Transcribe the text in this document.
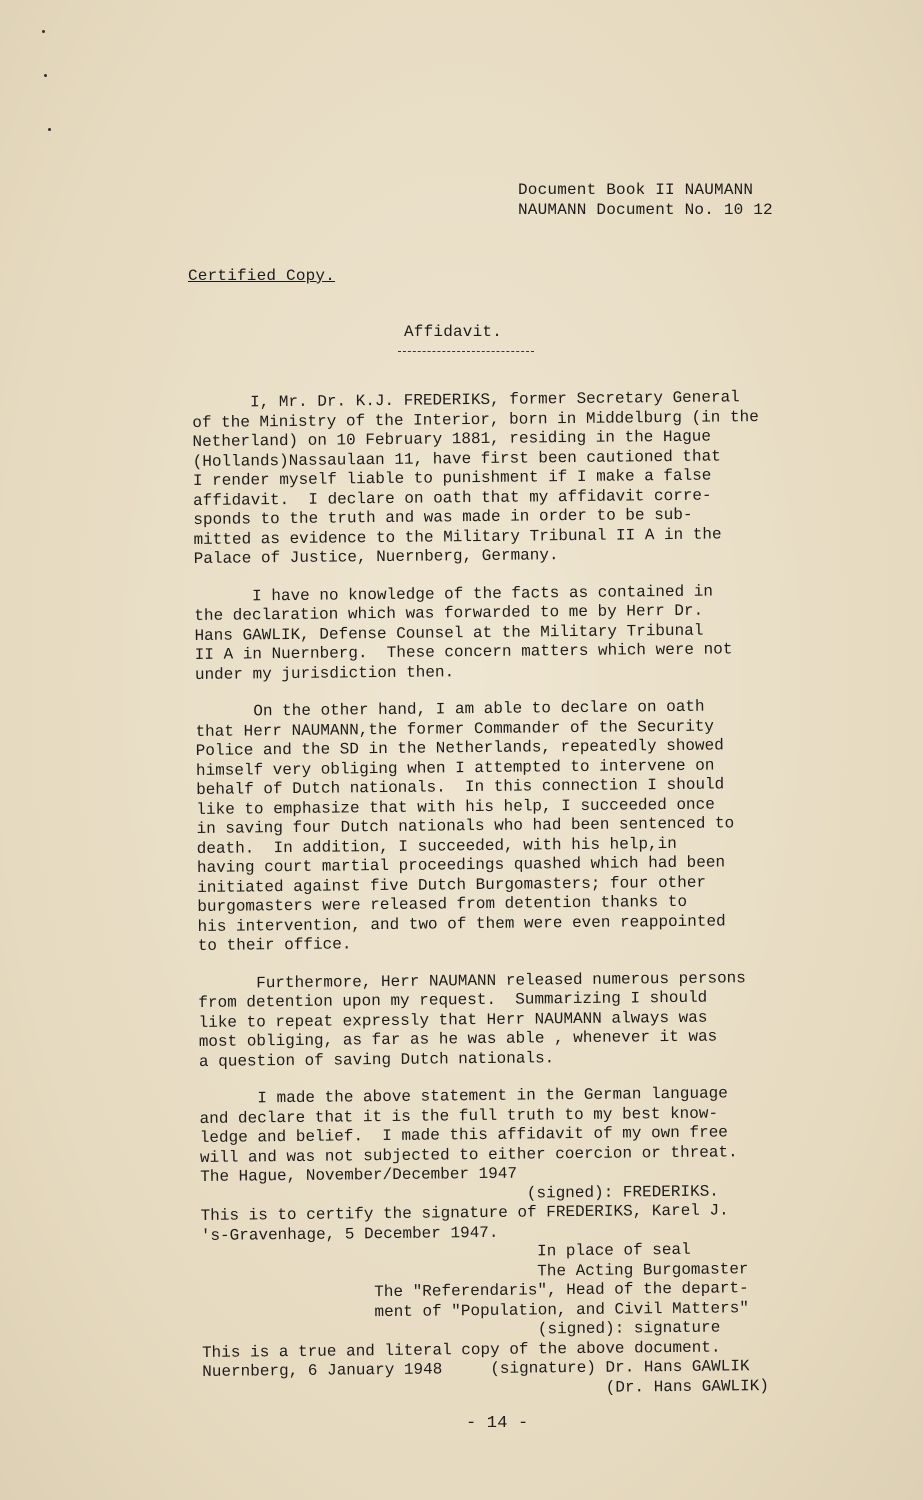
Document Book II NAUMANN
NAUMANN Document No. 10 12
Certified Copy.
Affidavit.
I, Mr. Dr. K.J. FREDERIKS, former Secretary General
of the Ministry of the Interior, born in Middelburg (in the
Netherland) on 10 February 1881, residing in the Hague
(Hollands)Nassaulaan 11, have first been cautioned that
I render myself liable to punishment if I make a false
affidavit.  I declare on oath that my affidavit corre-
sponds to the truth and was made in order to be sub-
mitted as evidence to the Military Tribunal II A in the
Palace of Justice, Nuernberg, Germany.
I have no knowledge of the facts as contained in
the declaration which was forwarded to me by Herr Dr.
Hans GAWLIK, Defense Counsel at the Military Tribunal
II A in Nuernberg.  These concern matters which were not
under my jurisdiction then.
On the other hand, I am able to declare on oath
that Herr NAUMANN,the former Commander of the Security
Police and the SD in the Netherlands, repeatedly showed
himself very obliging when I attempted to intervene on
behalf of Dutch nationals.  In this connection I should
like to emphasize that with his help, I succeeded once
in saving four Dutch nationals who had been sentenced to
death.  In addition, I succeeded, with his help,in
having court martial proceedings quashed which had been
initiated against five Dutch Burgomasters; four other
burgomasters were released from detention thanks to
his intervention, and two of them were even reappointed
to their office.
Furthermore, Herr NAUMANN released numerous persons
from detention upon my request.  Summarizing I should
like to repeat expressly that Herr NAUMANN always was
most obliging, as far as he was able , whenever it was
a question of saving Dutch nationals.
I made the above statement in the German language
and declare that it is the full truth to my best know-
ledge and belief.  I made this affidavit of my own free
will and was not subjected to either coercion or threat.
The Hague, November/December 1947
(signed): FREDERIKS.
This is to certify the signature of FREDERIKS, Karel J.
's-Gravenhage, 5 December 1947.
In place of seal
The Acting Burgomaster
The "Referendaris", Head of the depart-
ment of "Population, and Civil Matters"
(signed): signature
This is a true and literal copy of the above document.
Nuernberg, 6 January 1948     (signature) Dr. Hans GAWLIK
(Dr. Hans GAWLIK)
- 14 -
